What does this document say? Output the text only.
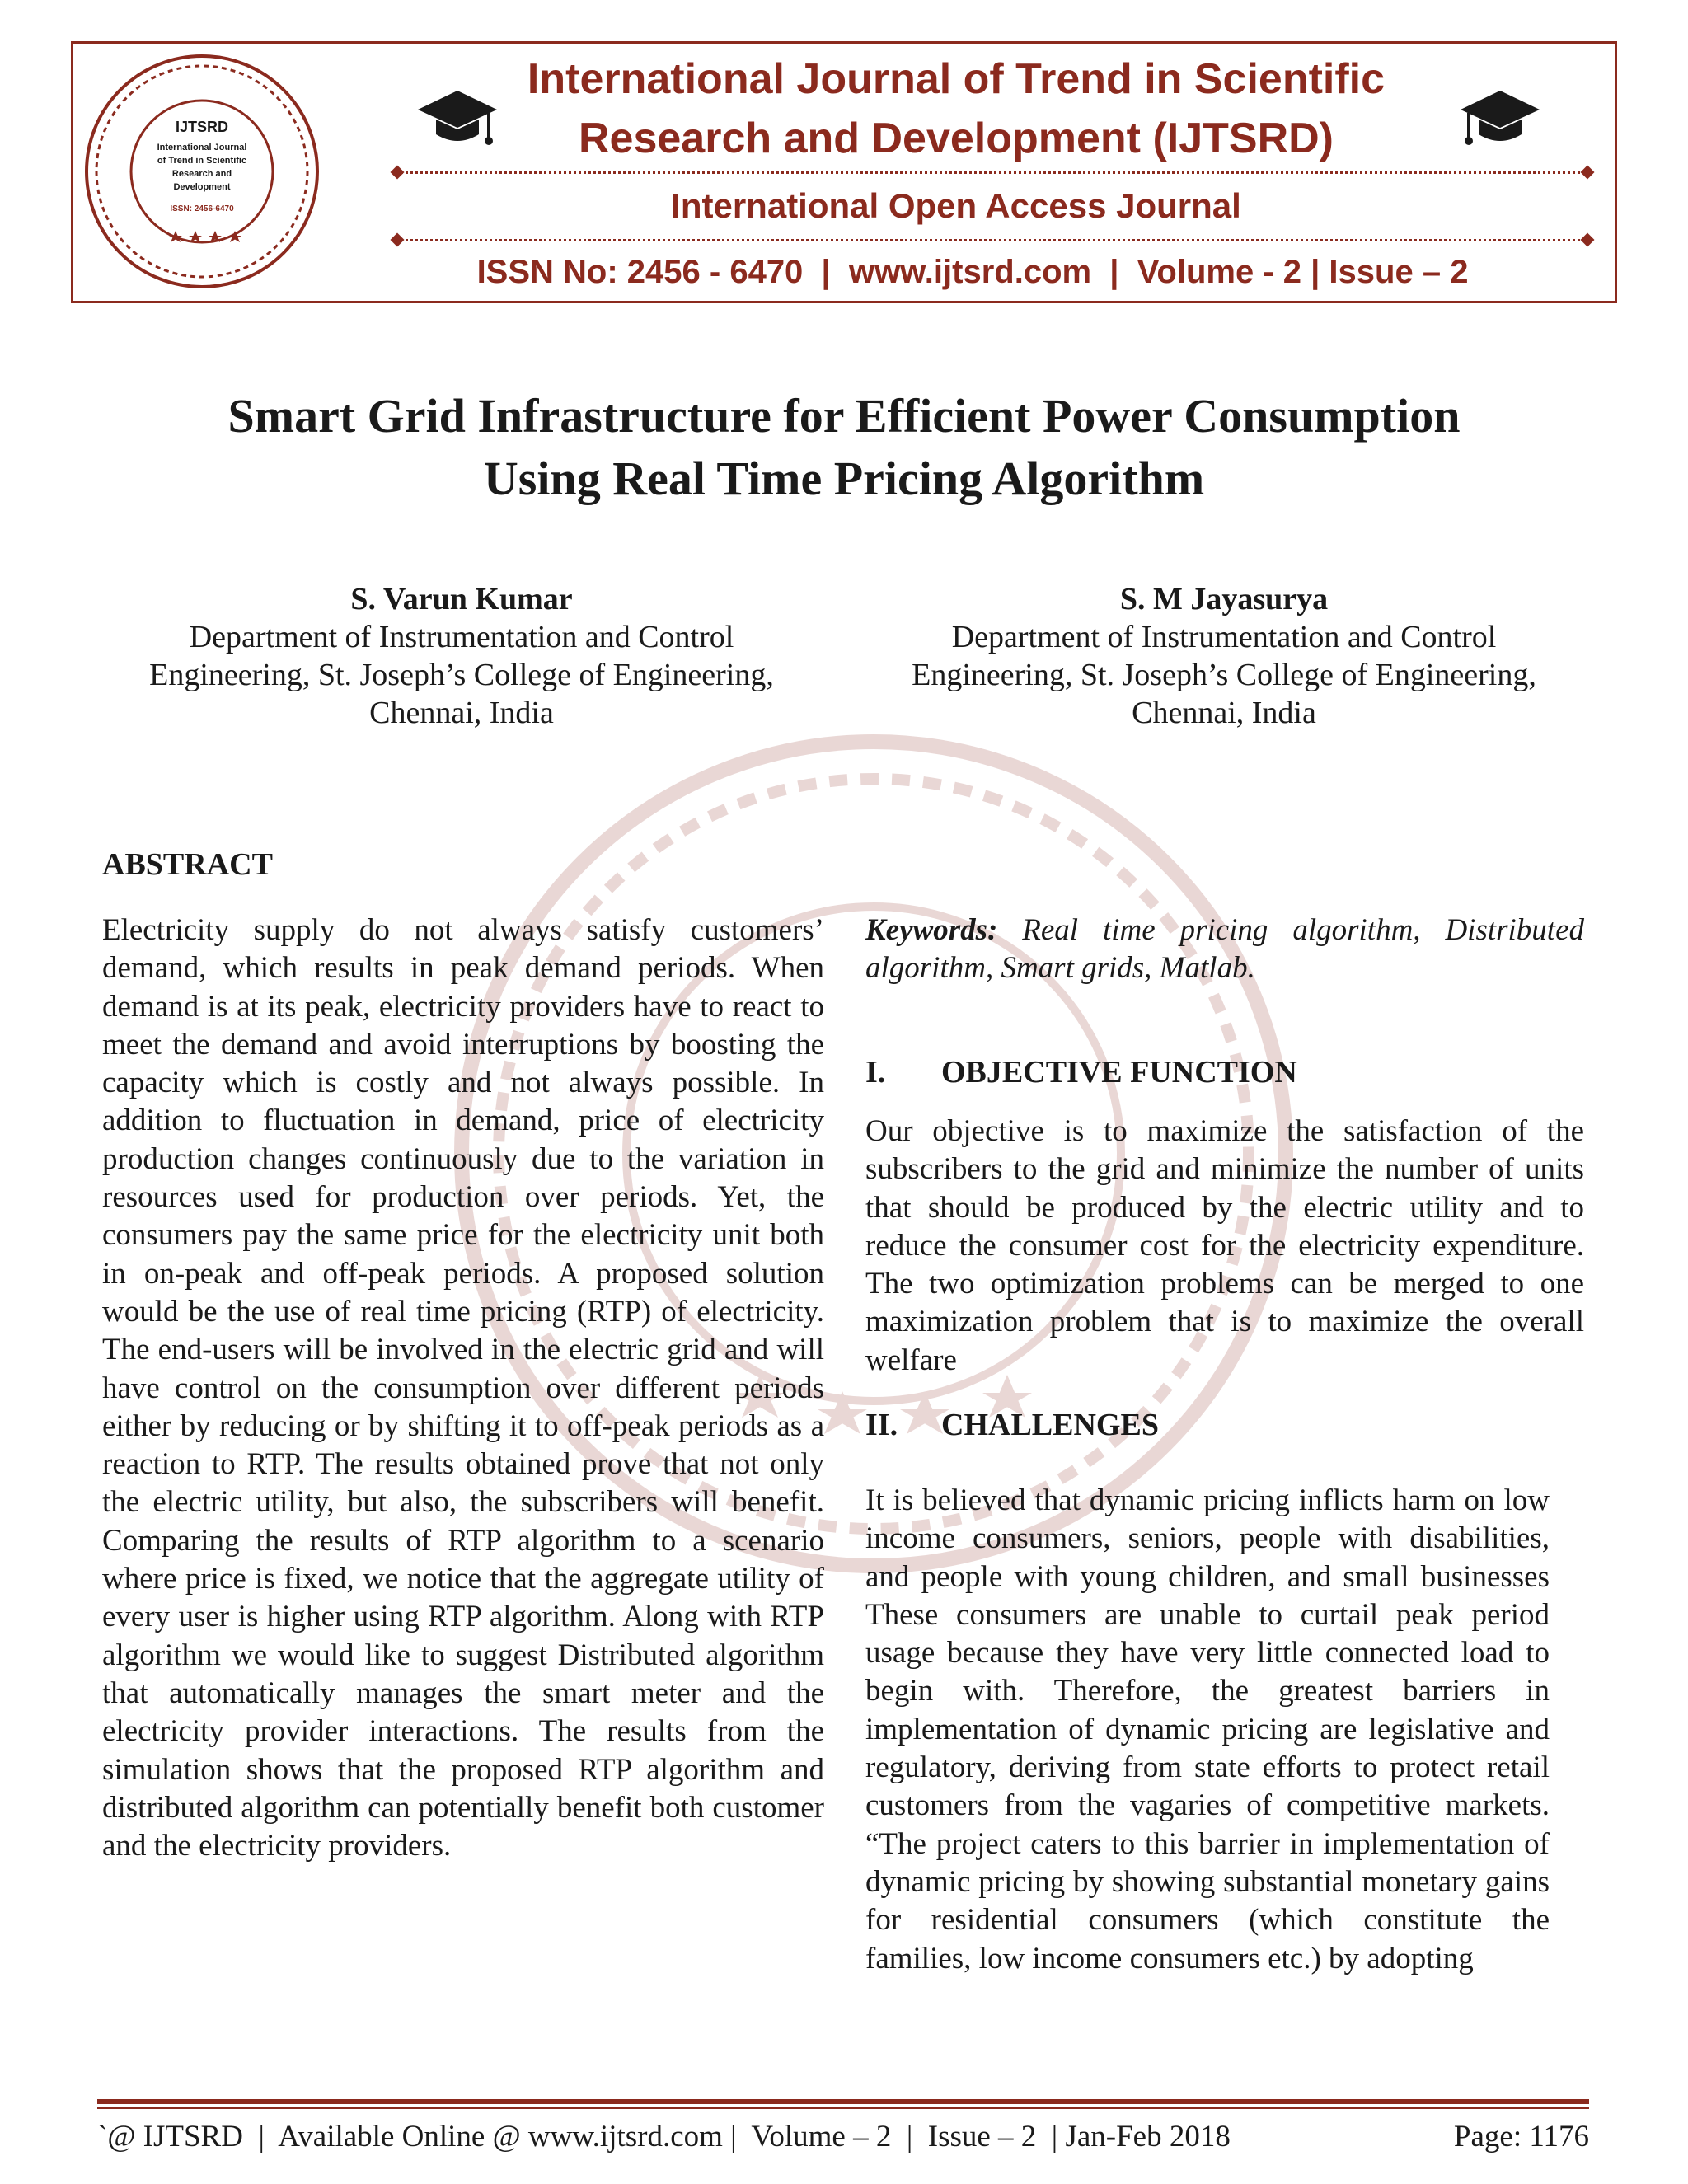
IJTSRD
International Journal
of Trend in Scientific
Research and
Development
ISSN: 2456-6470
International Journal of Trend in Scientific
Research and Development (IJTSRD)
International Open Access Journal
ISSN No: 2456 - 6470  |  www.ijtsrd.com  |  Volume - 2 | Issue – 2
Smart Grid Infrastructure for Efficient Power Consumption
Using Real Time Pricing Algorithm
S. Varun Kumar
Department of Instrumentation and Control
Engineering, St. Joseph’s College of Engineering,
Chennai, India
S. M Jayasurya
Department of Instrumentation and Control
Engineering, St. Joseph’s College of Engineering,
Chennai, India
ABSTRACT

Electricity supply do not always satisfy customers’ demand, which results in peak demand periods. When demand is at its peak, electricity providers have to react to meet the demand and avoid interruptions by boosting the capacity which is costly and not always possible. In addition to fluctuation in demand, price of electricity production changes continuously due to the variation in resources used for production over periods. Yet, the consumers pay the same price for the electricity unit both in on-peak and off-peak periods. A proposed solution would be the use of real time pricing (RTP) of electricity. The end-users will be involved in the electric grid and will have control on the consumption over different periods either by reducing or by shifting it to off-peak periods as a reaction to RTP. The results obtained prove that not only the electric utility, but also, the subscribers will benefit. Comparing the results of RTP algorithm to a scenario where price is fixed, we notice that the aggregate utility of every user is higher using RTP algorithm. Along with RTP algorithm we would like to suggest Distributed algorithm that automatically manages the smart meter and the electricity provider interactions. The results from the simulation shows that the proposed RTP algorithm and distributed algorithm can potentially benefit both customer and the electricity providers.

Keywords: Real time pricing algorithm, Distributed algorithm, Smart grids, Matlab.

I. OBJECTIVE FUNCTION

Our objective is to maximize the satisfaction of the subscribers to the grid and minimize the number of units that should be produced by the electric utility and to reduce the consumer cost for the electricity expenditure. The two optimization problems can be merged to one maximization problem that is to maximize the overall welfare

II. CHALLENGES

It is believed that dynamic pricing inflicts harm on low income consumers, seniors, people with disabilities, and people with young children, and small businesses These consumers are unable to curtail peak period usage because they have very little connected load to begin with. Therefore, the greatest barriers in implementation of dynamic pricing are legislative and regulatory, deriving from state efforts to protect retail customers from the vagaries of competitive markets. “The project caters to this barrier in implementation of dynamic pricing by showing substantial monetary gains for residential consumers (which constitute the families, low income consumers etc.) by adopting

`@ IJTSRD  |  Available Online @ www.ijtsrd.com |  Volume – 2  |  Issue – 2  | Jan-Feb 2018	Page: 1176
